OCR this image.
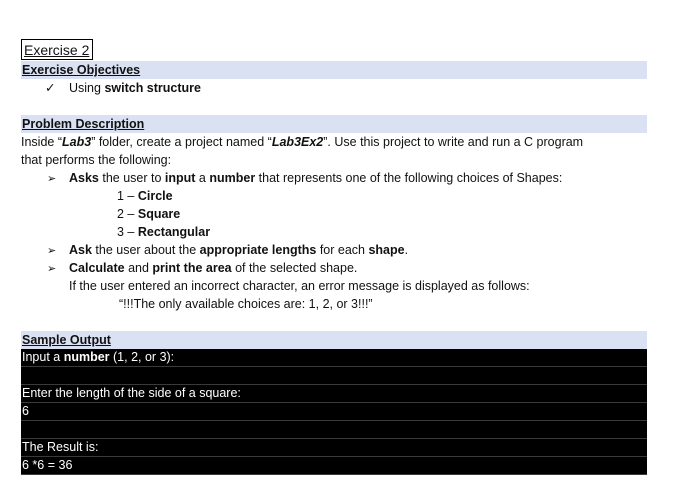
Exercise 2
Exercise Objectives
✓ Using switch structure
Problem Description
Inside “Lab3” folder, create a project named “Lab3Ex2”. Use this project to write and run a C program
that performs the following:
➢ Asks the user to input a number that represents one of the following choices of Shapes:
1 – Circle
2 – Square
3 – Rectangular
➢ Ask the user about the appropriate lengths for each shape.
➢ Calculate and print the area of the selected shape.
If the user entered an incorrect character, an error message is displayed as follows:
“!!!The only available choices are: 1, 2, or 3!!!”
Sample Output
Input a number (1, 2, or 3):
Enter the length of the side of a square:
6
The Result is:
6 *6 = 36
